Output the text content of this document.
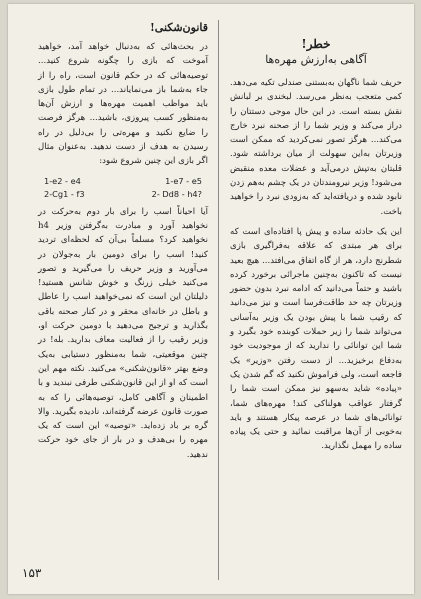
خطر!
آگاهی به‌ارزش مهره‌ها

حریف شما ناگهان به‌بستنی صندلی تکیه می‌دهد. کمی متعجب به‌نظر می‌رسد. لبخندی بر لبانش نقش بسته است. در این حال موجی دستتان را دراز می‌کند و وزیر شما را از صحنه نبرد خارج می‌کند... هرگز تصور نمی‌کردید که ممکن است وزیرتان به‌این سهولت از میان برداشته شود. قلبتان به‌تپش درمی‌آید و عضلات معده منقبض می‌شود! وزیر نیرومندتان در یک چشم به‌هم زدن نابود شده و دریافته‌اید که به‌زودی نبرد را خواهید باخت.

این یک حادثه ساده و پیش پا افتاده‌ای است که برای هر مبتدی که علاقه به‌فراگیری بازی شطرنج دارد، هر از گاه اتفاق می‌افتد... هیچ بعید نیست که تاکنون به‌چنین ماجرائی برخورد کرده باشید و حتماً می‌دانید که ادامه نبرد بدون حضور وزیرتان چه حد طاقت‌فرسا است و نیز می‌دانید که رقیب شما با پیش بودن یک وزیر به‌آسانی می‌تواند شما را زیر حملات کوبنده خود بگیرد و شما این توانائی را ندارید که از موجودیت خود به‌دفاع برخیزید... از دست رفتن «وزیر» یک فاجعه است، ولی فراموش نکنید که گم شدن یک «پیاده» شاید به‌سهو نیز ممکن است شما را گرفتار عواقب هولناکی کند! مهره‌های شما، توانائی‌های شما در عرصه پیکار هستند و باید به‌خوبی از آن‌ها مراقبت نمائید و حتی یک پیاده ساده را مهمل نگذارید.

قانون‌شکنی!

در بحث‌هائی که به‌دنبال خواهد آمد، خواهید آموخت که بازی را چگونه شروع کنید... توصیه‌هائی که در حکم قانون است، راه را از جاء به‌شما باز می‌نمایاند... در تمام طول بازی باید مواظب اهمیت مهره‌ها و ارزش آن‌ها به‌منظور کسب پیروزی، باشید... هرگز فرصت را ضایع نکنید و مهره‌تی را بی‌دلیل در راه رسیدن به هدف از دست ندهید. به‌عنوان مثال اگر بازی این چنین شروع شود:

1-e2 - e4	1-e7 - e5
2-Cg1 - f3	2- Dd8 - h4?

آیا احیاناً اسب را برای بار دوم به‌حرکت در نخواهید آورد و مبادرت به‌گرفتن وزیر h4 نخواهید کرد؟ مسلماً بی‌آن که لحظه‌ای تردید کنید! اسب را برای دومین بار به‌جولان در می‌آورید و وزیر حریف را می‌گیرید و تصور می‌کنید خیلی زرنگ و خوش شانس هستید! دلیلتان این است که نمی‌خواهید اسب را عاطل و باطل در خانه‌ای محقر و در کنار صحنه باقی بگذارید و ترجیح می‌دهید با دومین حرکت او، وزیر رقیب را از فعالیت معاف بدارید. بله! در چنین موقعیتی، شما به‌منظور دستیابی به‌یک وضع بهتر «قانون‌شکنی» می‌کنید. نکته مهم این است که او از این قانون‌شکنی طرفی نبندید و با اطمینان و آگاهی کامل، توصیه‌هائی را که به صورت قانون عرضه گرفته‌اند، نادیده بگیرید. والا گره بر باد زده‌اید. «توصیه» این است که یک مهره را بی‌هدف و در بار از جای خود حرکت ندهید.

۱۵۳
